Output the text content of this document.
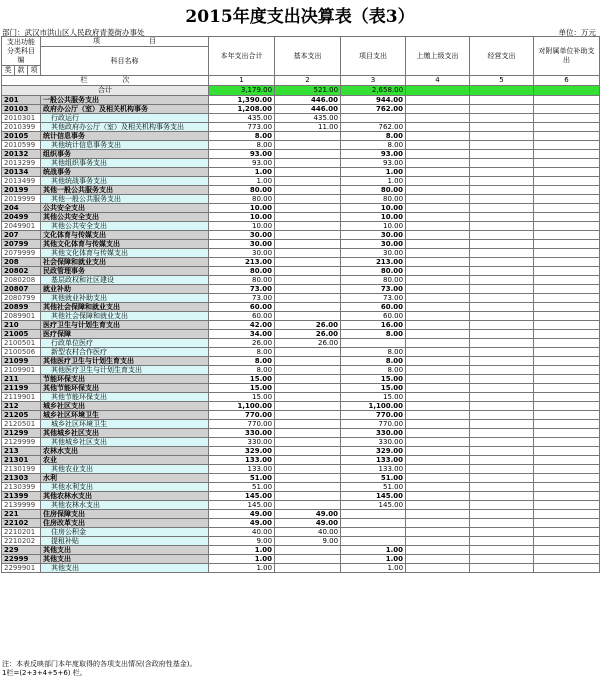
2015年度支出决算表（表3）
部门：武汉市洪山区人民政府青菱街办事处	单位：万元
支出功能分类科目编			项　　　　　　　目	本年支出合计	基本支出	项目支出	上缴上级支出	经营支出	对附属单位补助支出
			科目名称						
类	款	项							
栏　　　　　次				1	2	3	4	5	6
合计				3,179.00	521.00	2,658.00			
201			一般公共服务支出	1,390.00	446.00	944.00			
20103			政府办公厅（室）及相关机构事务	1,208.00	446.00	762.00			
2010301			行政运行	435.00	435.00				
2010399			其他政府办公厅（室）及相关机构事务支出	773.00	11.00	762.00			
20105			统计信息事务	8.00		8.00			
2010599			其他统计信息事务支出	8.00		8.00			
20132			组织事务	93.00		93.00			
2013299			其他组织事务支出	93.00		93.00			
20134			统战事务	1.00		1.00			
2013499			其他统战事务支出	1.00		1.00			
20199			其他一般公共服务支出	80.00		80.00			
2019999			其他一般公共服务支出	80.00		80.00			
204			公共安全支出	10.00		10.00			
20499			其他公共安全支出	10.00		10.00			
2049901			其他公共安全支出	10.00		10.00			
207			文化体育与传媒支出	30.00		30.00			
20799			其他文化体育与传媒支出	30.00		30.00			
2079999			其他文化体育与传媒支出	30.00		30.00			
208			社会保障和就业支出	213.00		213.00			
20802			民政管理事务	80.00		80.00			
2080208			基层政权和社区建设	80.00		80.00			
20807			就业补助	73.00		73.00			
2080799			其他就业补助支出	73.00		73.00			
20899			其他社会保障和就业支出	60.00		60.00			
2089901			其他社会保障和就业支出	60.00		60.00			
210			医疗卫生与计划生育支出	42.00	26.00	16.00			
21005			医疗保障	34.00	26.00	8.00			
2100501			行政单位医疗	26.00	26.00				
2100506			新型农村合作医疗	8.00		8.00			
21099			其他医疗卫生与计划生育支出	8.00		8.00			
2109901			其他医疗卫生与计划生育支出	8.00		8.00			
211			节能环保支出	15.00		15.00			
21199			其他节能环保支出	15.00		15.00			
2119901			其他节能环保支出	15.00		15.00			
212			城乡社区支出	1,100.00		1,100.00			
21205			城乡社区环境卫生	770.00		770.00			
2120501			城乡社区环境卫生	770.00		770.00			
21299			其他城乡社区支出	330.00		330.00			
2129999			其他城乡社区支出	330.00		330.00			
213			农林水支出	329.00		329.00			
21301			农业	133.00		133.00			
2130199			其他农业支出	133.00		133.00			
21303			水利	51.00		51.00			
2130399			其他水利支出	51.00		51.00			
21399			其他农林水支出	145.00		145.00			
2139999			其他农林水支出	145.00		145.00			
221			住房保障支出	49.00	49.00				
22102			住房改革支出	49.00	49.00				
2210201			住房公积金	40.00	40.00				
2210202			提租补贴	9.00	9.00				
229			其他支出	1.00		1.00			
22999			其他支出	1.00		1.00			
2299901			其他支出	1.00		1.00			
注：本表反映部门本年度取得的各项支出情况(含政府性基金)。
1栏=(2+3+4+5+6) 栏。
